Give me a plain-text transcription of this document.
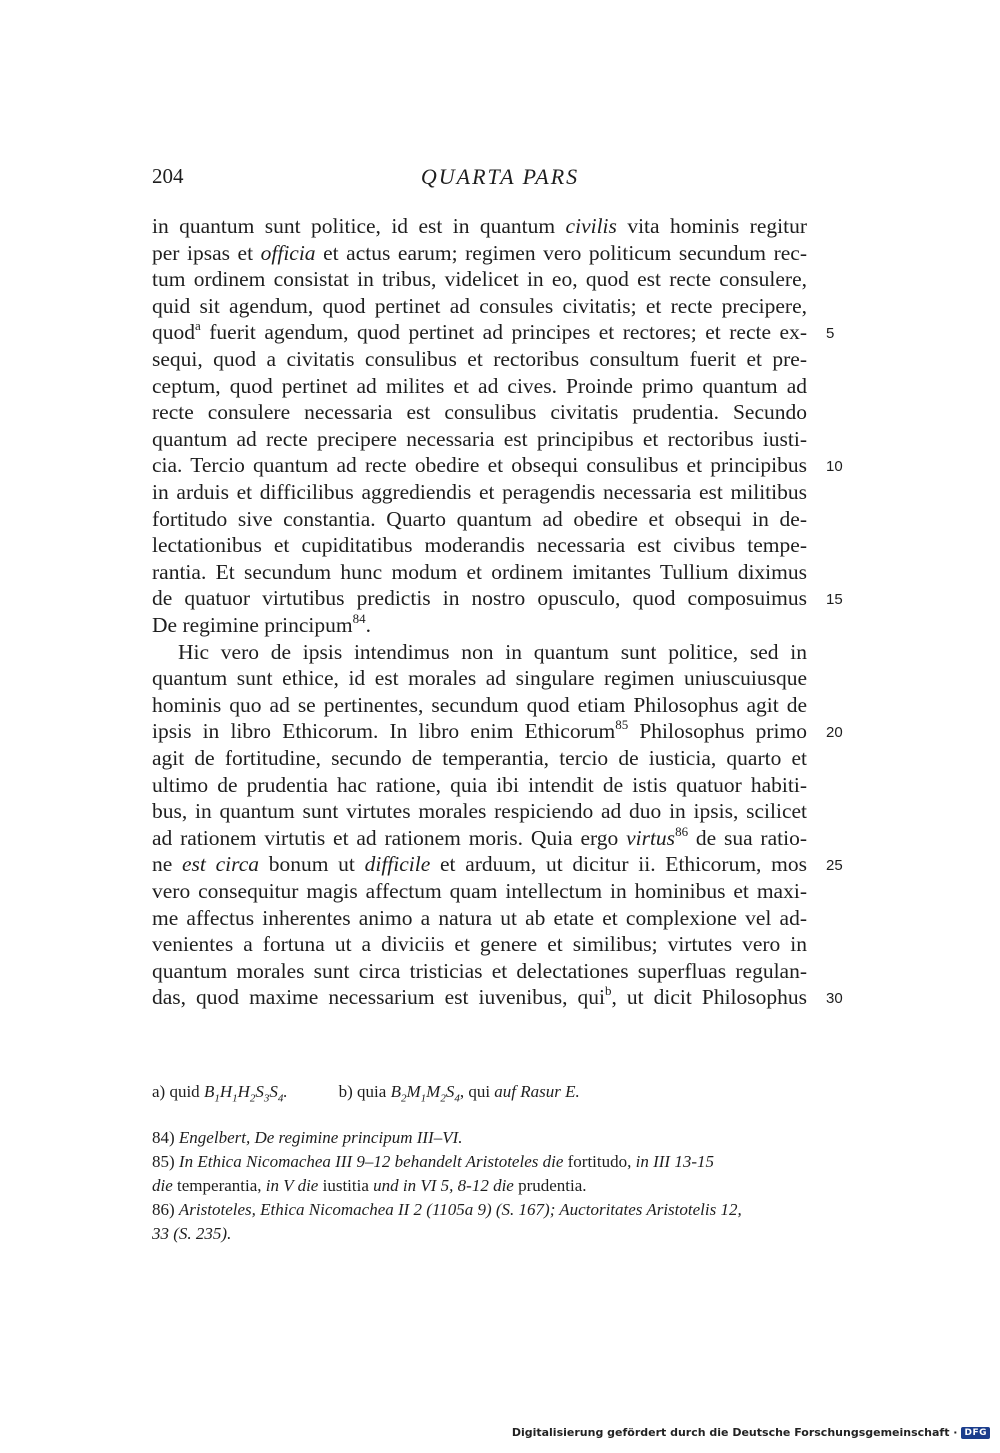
204	QUARTA PARS
in quantum sunt politice, id est in quantum civilis vita hominis regitur
per ipsas et officia et actus earum; regimen vero politicum secundum rec-
tum ordinem consistat in tribus, videlicet in eo, quod est recte consulere,
quid sit agendum, quod pertinet ad consules civitatis; et recte precipere,
quod$^a$ fuerit agendum, quod pertinet ad principes et rectores; et recte ex- 5
sequi, quod a civitatis consulibus et rectoribus consultum fuerit et pre-
ceptum, quod pertinet ad milites et ad cives. Proinde primo quantum ad
recte consulere necessaria est consulibus civitatis prudentia. Secundo
quantum ad recte precipere necessaria est principibus et rectoribus iusti-
cia. Tercio quantum ad recte obedire et obsequi consulibus et principibus 10
in arduis et difficilibus aggrediendis et peragendis necessaria est militibus
fortitudo sive constantia. Quarto quantum ad obedire et obsequi in de-
lectationibus et cupiditatibus moderandis necessaria est civibus tempe-
rantia. Et secundum hunc modum et ordinem imitantes Tullium diximus
de quatuor virtutibus predictis in nostro opusculo, quod composuimus 15
De regimine principum$^{84}$.
Hic vero de ipsis intendimus non in quantum sunt politice, sed in
quantum sunt ethice, id est morales ad singulare regimen uniuscuiusque
hominis quo ad se pertinentes, secundum quod etiam Philosophus agit de
ipsis in libro Ethicorum. In libro enim Ethicorum$^{85}$ Philosophus primo 20
agit de fortitudine, secundo de temperantia, tercio de iusticia, quarto et
ultimo de prudentia hac ratione, quia ibi intendit de istis quatuor habiti-
bus, in quantum sunt virtutes morales respiciendo ad duo in ipsis, scilicet
ad rationem virtutis et ad rationem moris. Quia ergo virtus$^{86}$ de sua ratio-
ne est circa bonum ut difficile et arduum, ut dicitur ii. Ethicorum, mos 25
vero consequitur magis affectum quam intellectum in hominibus et maxi-
me affectus inherentes animo a natura ut ab etate et complexione vel ad-
venientes a fortuna ut a diviciis et genere et similibus; virtutes vero in
quantum morales sunt circa tristicias et delectationes superfluas regulan-
das, quod maxime necessarium est iuvenibus, qui$^b$, ut dicit Philosophus 30
a) quid $B_1H_1H_2S_3S_4$.            b) quia $B_2M_1M_2S_4$, qui auf Rasur E.
84) Engelbert, De regimine principum III–VI.
85) In Ethica Nicomachea III 9–12 behandelt Aristoteles die fortitudo, in III 13-15
die temperantia, in V die iustitia und in VI 5, 8-12 die prudentia.
86) Aristoteles, Ethica Nicomachea II 2 (1105a 9) (S. 167); Auctoritates Aristotelis 12,
33 (S. 235).
Digitalisierung gefördert durch die Deutsche Forschungsgemeinschaft · DFG
